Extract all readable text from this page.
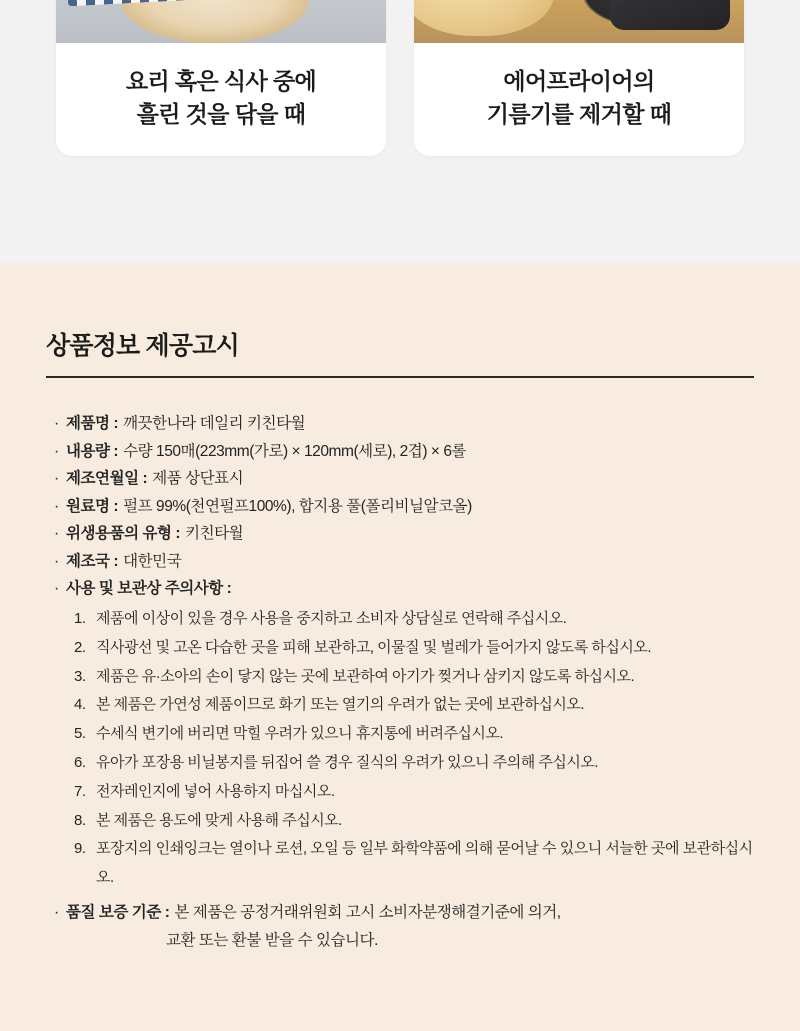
요리 혹은 식사 중에
흘린 것을 닦을 때
에어프라이어의
기름기를 제거할 때
상품정보 제공고시
· 제품명 : 깨끗한나라 데일리 키친타월
· 내용량 : 수량 150매(223mm(가로) × 120mm(세로), 2겹) × 6롤
· 제조연월일 : 제품 상단표시
· 원료명 : 펄프 99%(천연펄프100%), 합지용 풀(폴리비닐알코올)
· 위생용품의 유형 : 키친타월
· 제조국 : 대한민국
· 사용 및 보관상 주의사항 :
1. 제품에 이상이 있을 경우 사용을 중지하고 소비자 상담실로 연락해 주십시오.
2. 직사광선 및 고온 다습한 곳을 피해 보관하고, 이물질 및 벌레가 들어가지 않도록 하십시오.
3. 제품은 유·소아의 손이 닿지 않는 곳에 보관하여 아기가 찢거나 삼키지 않도록 하십시오.
4. 본 제품은 가연성 제품이므로 화기 또는 열기의 우려가 없는 곳에 보관하십시오.
5. 수세식 변기에 버리면 막힐 우려가 있으니 휴지통에 버려주십시오.
6. 유아가 포장용 비닐봉지를 뒤집어 쓸 경우 질식의 우려가 있으니 주의해 주십시오.
7. 전자레인지에 넣어 사용하지 마십시오.
8. 본 제품은 용도에 맞게 사용해 주십시오.
9. 포장지의 인쇄잉크는 열이나 로션, 오일 등 일부 화학약품에 의해 묻어날 수 있으니 서늘한 곳에 보관하십시오.
· 품질 보증 기준 : 본 제품은 공정거래위원회 고시 소비자분쟁해결기준에 의거,
교환 또는 환불 받을 수 있습니다.
